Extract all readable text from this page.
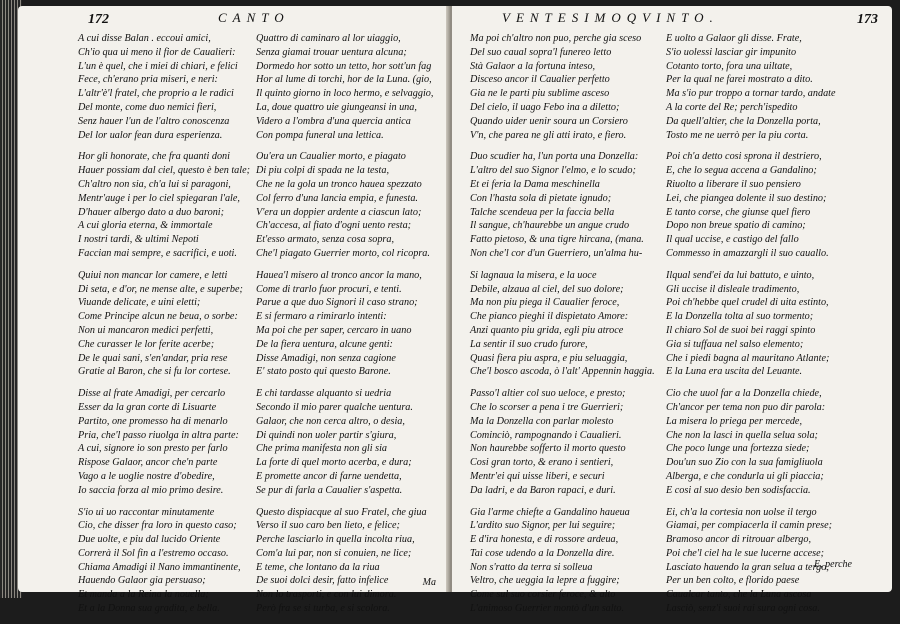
172	CANTO
A cui disse Balan . eccoui amici,
Ch'io qua ui meno il fior de Caualieri:
L'un è quel, che i miei di chiari, e felici
Fece, ch'erano pria miseri, e neri:
L'altr'è'l fratel, che proprio a le radici
Del monte, come duo nemici fieri,
Senz hauer l'un de l'altro conoscenza
Del lor ualor fean dura esperienza.
Hor gli honorate, che fra quanti doni
Hauer possiam dal ciel, questo è ben tale;
Ch'altro non sia, ch'a lui si paragoni,
Mentr'auge i per lo ciel spiegaran l'ale,
D'hauer albergo dato a duo baroni;
A cui gloria eterna, & immortale
I nostri tardi, & ultimi Nepoti
Faccian mai sempre, e sacrifici, e uoti.
Quiui non mancar lor camere, e letti
Di seta, e d'or, ne mense alte, e superbe;
Viuande delicate, e uini eletti;
Come Principe alcun ne beua, o sorbe:
Non ui mancaron medici perfetti,
Che curasser le lor ferite acerbe;
De le quai sani, s'en'andar, pria rese
Gratie al Baron, che si fu lor cortese.
Disse al frate Amadigi, per cercarlo
Esser da la gran corte di Lisuarte
Partito, one promesso ha di menarlo
Pria, che'l passo riuolga in altra parte:
A cui, signore io son presto per farlo
Rispose Galaor, ancor che'n parte
Vago a le uoglie nostre d'obedire,
Io saccia forza al mio primo desire.
S'io ui uo raccontar minutamente
Cio, che disser fra loro in questo caso;
Due uolte, e piu dal lucido Oriente
Correrà il Sol fin a l'estremo occaso.
Chiama Amadigi il Nano immantinente,
Hauendo Galaor gia persuaso;
Et manda a la Reina la nouella;
Et a la Donna sua gradita, e bella.
Quattro di caminaro al lor uiaggio,
Senza giamai trouar uentura alcuna;
Dormedo hor sotto un tetto, hor sott'un fag
Hor al lume di torchi, hor de la Luna. (gio,
Il quinto giorno in loco hermo, e selvaggio,
La, doue quattro uie giungeansi in una,
Videro a l'ombra d'una quercia antica
Con pompa funeral una lettica.
Ou'era un Caualier morto, e piagato
Di piu colpi di spada ne la testa,
Che ne la gola un tronco hauea spezzato
Col ferro d'una lancia empia, e funesta.
V'era un doppier ardente a ciascun lato;
Ch'accesa, al fiato d'ogni uento resta;
Et'esso armato, senza cosa sopra,
Che'l piagato Guerrier morto, col ricopra.
Hauea'l misero al tronco ancor la mano,
Come di trarlo fuor procuri, e tenti.
Parue a que duo Signori il caso strano;
E si fermaro a rimirarlo intenti:
Ma poi che per saper, cercaro in uano
De la fiera uentura, alcune genti:
Disse Amadigi, non senza cagione
E' stato posto qui questo Barone.
E chi tardasse alquanto si uedria
Secondo il mio parer qualche uentura.
Galaor, che non cerca altro, o desia,
Di quindi non uoler partir s'giura,
Che prima manifesta non gli sia
La forte di quel morto acerba, e dura;
E promette ancor di farne uendetta,
Se pur di farla a Caualier s'aspetta.
Questo dispiacque al suo Fratel, che giua
Verso il suo caro ben lieto, e felice;
Perche lasciarlo in quella incolta riua,
Com'a lui par, non si conuien, ne lice;
E teme, che lontano da la riua
De suoi dolci desir, fatto infelice
Non lo trasporti, e con lui dimora.
Però fra se si turba, e si scolora.
Ma
VENTESIMOQVINTO.	173
Ma poi ch'altro non puo, perche gia sceso
Del suo caual sopra'l funereo letto
Stà Galaor a la fortuna inteso,
Disceso ancor il Caualier perfetto
Gia ne le parti piu sublime asceso
Del cielo, il uago Febo ina a diletto;
Quando uider uenir soura un Corsiero
V'n, che parea ne gli atti irato, e fiero.
Duo scudier ha, l'un porta una Donzella:
L'altro del suo Signor l'elmo, e lo scudo;
Et ei feria la Dama meschinella
Con l'hasta sola di pietate ignudo;
Talche scendeua per la faccia bella
Il sangue, ch'haurebbe un angue crudo
Fatto pietoso, & una tigre hircana, (mana.
Non che'l cor d'un Guerriero, un'alma hu-
Si lagnaua la misera, e la uoce
Debile, alzaua al ciel, del suo dolore;
Ma non piu piega il Caualier feroce,
Che pianco pieghi il dispietato Amore:
Anzi quanto piu grida, egli piu atroce
La sentir il suo crudo furore,
Quasi fiera piu aspra, e piu seluaggia,
Che'l bosco ascoda, ò l'alt' Appennin haggia.
Passo'l altier col suo ueloce, e presto;
Che lo scorser a pena i tre Guerrieri;
Ma la Donzella con parlar molesto
Cominciò, rampognando i Caualieri.
Non haurebbe sofferto il morto questo
Cosi gran torto, & erano i sentieri,
Mentr'ei qui uisse liberi, e securi
Da ladri, e da Baron rapaci, e duri.
Gia l'arme chiefte a Gandalino haueua
L'ardito suo Signor, per lui seguire;
E d'ira honesta, e di rossore ardeua,
Tai cose udendo a la Donzella dire.
Non s'ratto da terra si solleua
Veltro, che ueggia la lepre a fuggire;
Come sul suo corsier feroce, & alto
L'animoso Guerrier montò d'un salto.
E uolto a Galaor gli disse. Frate,
S'io uolessi lasciar gir impunito
Cotanto torto, fora una uiltate,
Per la qual ne farei mostrato a dito.
Ma s'io pur troppo a tornar tardo, andate
A la corte del Re; perch'ispedito
Da quell'altier, che la Donzella porta,
Tosto me ne uerrò per la piu corta.
Poi ch'a detto cosi sprona il destriero,
E, che lo segua accena a Gandalino;
Riuolto a liberare il suo pensiero
Lei, che piangea dolente il suo destino;
E tanto corse, che giunse quel fiero
Dopo non breue spatio di camino;
Il qual uccise, e castigo del fallo
Commesso in amazzargli il suo cauallo.
Ilqual send'ei da lui battuto, e uinto,
Gli uccise il disleale tradimento,
Poi ch'hebbe quel crudel di uita estinto,
E la Donzella tolta al suo tormento;
Il chiaro Sol de suoi bei raggi spinto
Gia si tuffaua nel salso elemento;
Che i piedi bagna al mauritano Atlante;
E la Luna era uscita del Leuante.
Cio che uuol far a la Donzella chiede,
Ch'ancor per tema non puo dir parola:
La misera lo priega per mercede,
Che non la lasci in quella selua sola;
Che poco lunge una fortezza siede;
Dou'un suo Zio con la sua famigliuola
Alberga, e che condurla ui gli piaccia;
E cosi al suo desio ben sodisfaccia.
Ei, ch'a la cortesia non uolse il tergo
Giamai, per compiacerla il camin prese;
Bramoso ancor di ritrouar albergo,
Poi che'l ciel ha le sue lucerne accese;
Lasciato hauendo la gran selua a tergo,
Per un ben colto, e florido paese
Caualcar tanto, che la Luna ascosa
Lasciò, senz'i suoi rai sura ogni cosa.
E, perche
